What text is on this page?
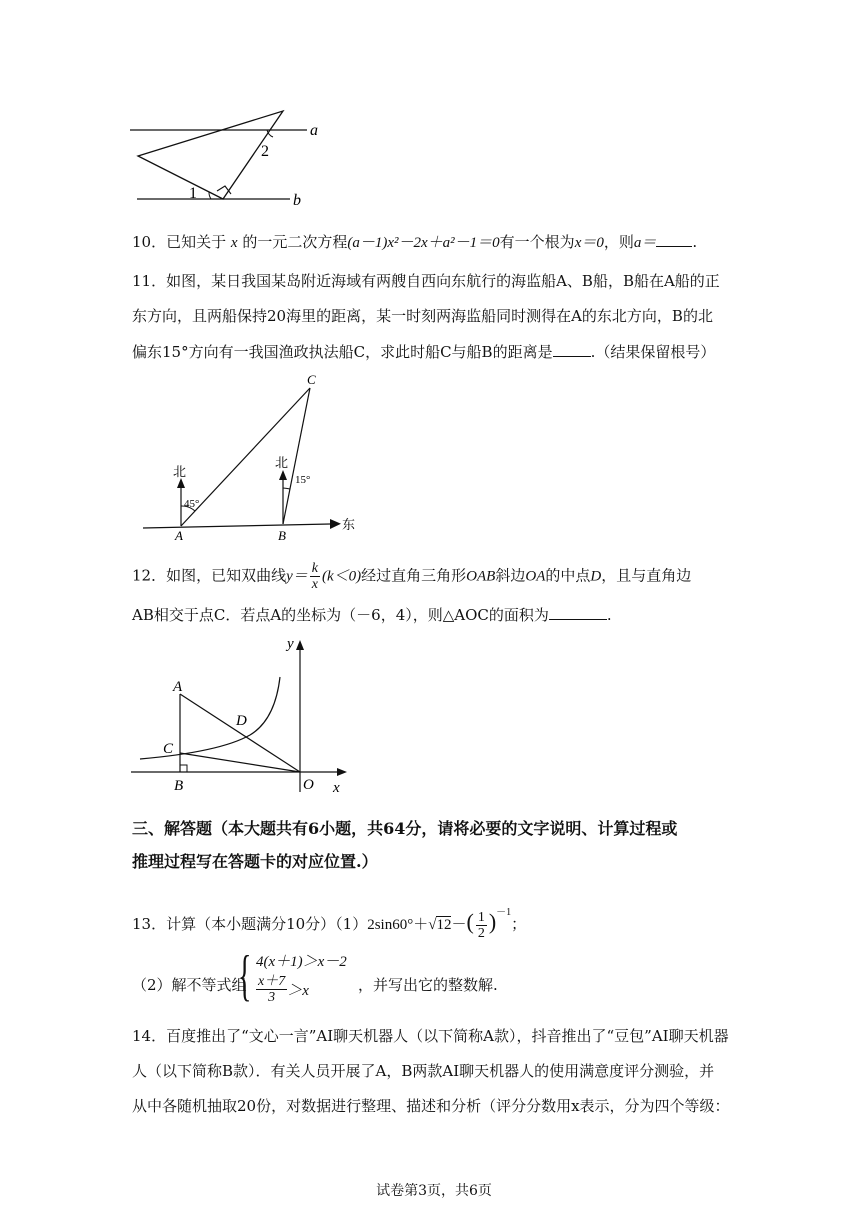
a
b
1
2
10．已知关于 x 的一元二次方程(a－1)x²－2x＋a²－1＝0有一个根为x＝0，则a＝ .
11．如图，某日我国某岛附近海域有两艘自西向东航行的海监船A、B船，B船在A船的正
东方向，且两船保持20海里的距离，某一时刻两海监船同时测得在A的东北方向，B的北
偏东15°方向有一我国渔政执法船C，求此时船C与船B的距离是	.（结果保留根号）
东
北
北
45°
15°
A	B
C
12．如图，已知双曲线$y= \frac{k}{x} (k<0)$经过直角三角形OAB斜边OA的中点D，且与直角边
AB相交于点C．若点A的坐标为（－6，4），则△AOC的面积为	.
x
y
A
D
C
B	O
三、解答题（本大题共有6小题，共64分，请将必要的文字说明、计算过程或
推理过程写在答题卡的对应位置.）
13．计算（本小题满分10分）$(1)2\sin 60^\circ+√12-( \frac{1}{2} )^{-1}$；
（2）解不等式组
{ 4(x＋1)＞x－2
$\frac{x+7}{3} >x$	，并写出它的整数解.
14．百度推出了“文心一言”AI聊天机器人（以下简称A款），抖音推出了“豆包”AI聊天机器
人（以下简称B款）．有关人员开展了A，B两款AI聊天机器人的使用满意度评分测验，并
从中各随机抽取20份，对数据进行整理、描述和分析（评分分数用x表示，分为四个等级：
试卷第3页，共6页
